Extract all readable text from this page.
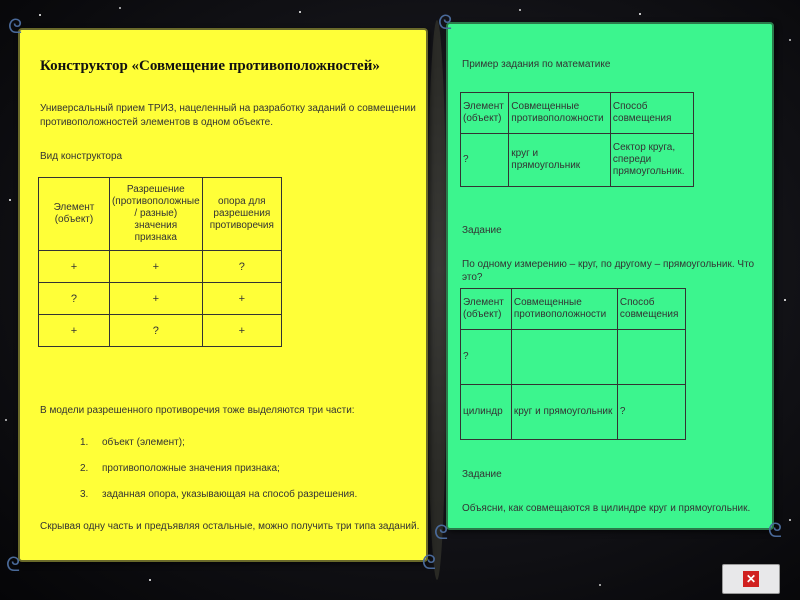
ᘓ
ᘓ
ᘓ
Конструктор «Совмещение противоположностей»
Универсальный прием ТРИЗ, нацеленный на разработку заданий о совмещении
противоположностей элементов в одном объекте.
Вид конструктора
Элемент (объект)	Разрешение (противоположные / разные) значения признака	опора для разрешения противоречия
+	+	?
?	+	+
+	?	+
В модели разрешенного противоречия тоже выделяются три части:
1. объект (элемент);
2. противоположные значения признака;
3. заданная опора, указывающая на способ разрешения.
Скрывая одну часть и предъявляя остальные, можно получить три типа заданий.
ᘓ
ᘓ
ᘓ
Пример задания по математике
Элемент (объект)	Совмещенные противоположности	Способ совмещения
?	круг и прямоугольник	Сектор круга, спереди прямоугольник.
Задание
По одному измерению – круг, по другому – прямоугольник. Что это?
Элемент (объект)	Совмещенные противоположности	Способ совмещения
?		
цилиндр	круг и прямоугольник	?
Задание
Объясни, как совмещаются в цилиндре круг и прямоугольник.
✕
